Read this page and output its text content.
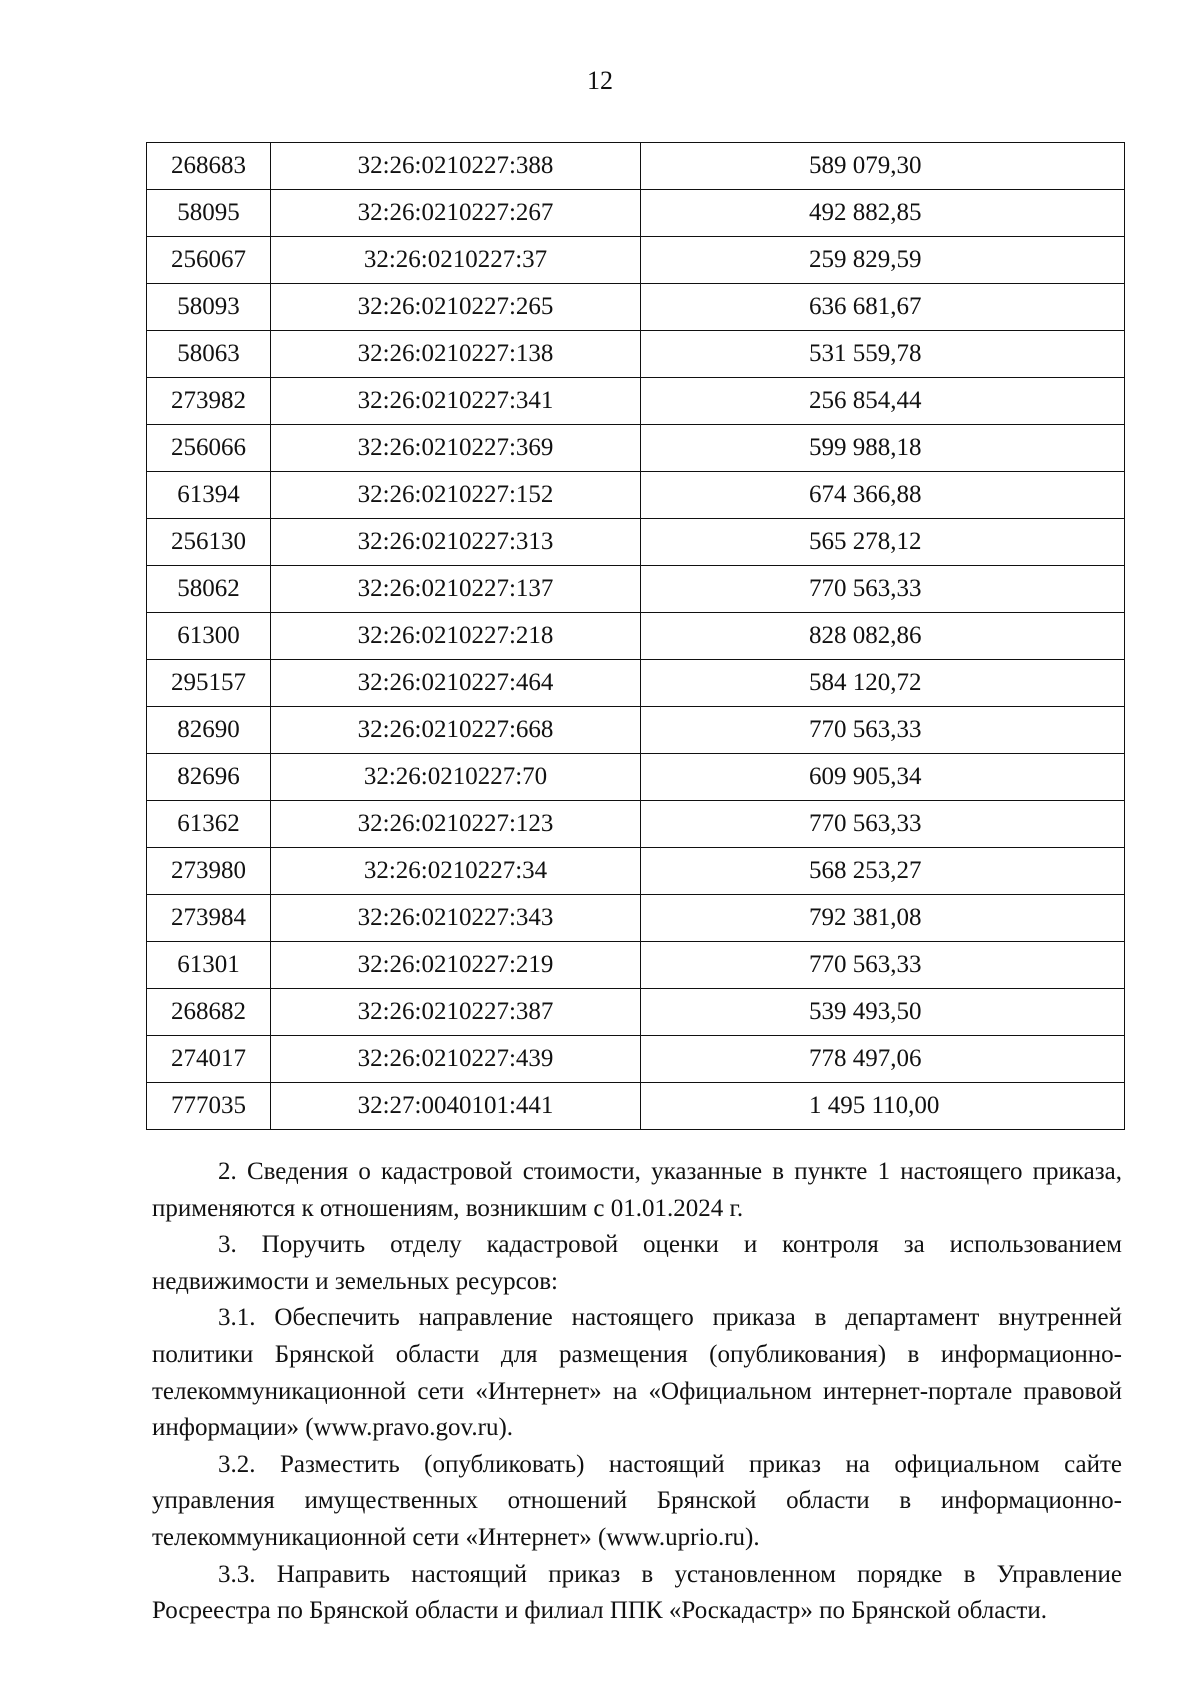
12
268683	32:26:0210227:388	589 079,30
58095	32:26:0210227:267	492 882,85
256067	32:26:0210227:37	259 829,59
58093	32:26:0210227:265	636 681,67
58063	32:26:0210227:138	531 559,78
273982	32:26:0210227:341	256 854,44
256066	32:26:0210227:369	599 988,18
61394	32:26:0210227:152	674 366,88
256130	32:26:0210227:313	565 278,12
58062	32:26:0210227:137	770 563,33
61300	32:26:0210227:218	828 082,86
295157	32:26:0210227:464	584 120,72
82690	32:26:0210227:668	770 563,33
82696	32:26:0210227:70	609 905,34
61362	32:26:0210227:123	770 563,33
273980	32:26:0210227:34	568 253,27
273984	32:26:0210227:343	792 381,08
61301	32:26:0210227:219	770 563,33
268682	32:26:0210227:387	539 493,50
274017	32:26:0210227:439	778 497,06
777035	32:27:0040101:441	1 495 110,00

2. Сведения о кадастровой стоимости, указанные в пункте 1 настоящего приказа, применяются к отношениям, возникшим с 01.01.2024 г.

3. Поручить отделу кадастровой оценки и контроля за использованием недвижимости и земельных ресурсов:

3.1. Обеспечить направление настоящего приказа в департамент внутренней политики Брянской области для размещения (опубликования) в информационно-телекоммуникационной сети «Интернет» на «Официальном интернет-портале правовой информации» (www.pravo.gov.ru).

3.2. Разместить (опубликовать) настоящий приказ на официальном сайте управления имущественных отношений Брянской области в информационно-телекоммуникационной сети «Интернет» (www.uprio.ru).

3.3. Направить настоящий приказ в установленном порядке в Управление Росреестра по Брянской области и филиал ППК «Роскадастр» по Брянской области.
